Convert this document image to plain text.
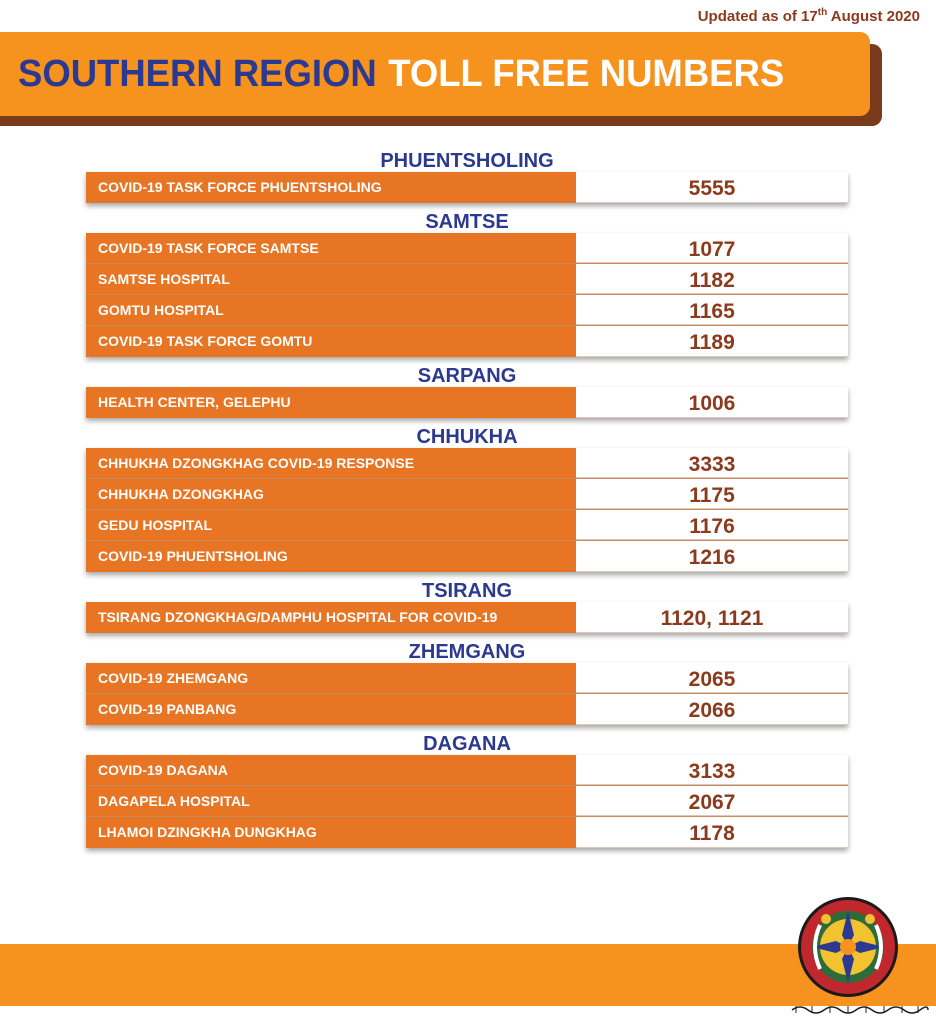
Updated as of 17th August 2020
SOUTHERN REGION TOLL FREE NUMBERS
PHUENTSHOLING
COVID-19 TASK FORCE PHUENTSHOLING	5555
SAMTSE
COVID-19 TASK FORCE SAMTSE	1077
SAMTSE HOSPITAL	1182
GOMTU HOSPITAL	1165
COVID-19 TASK FORCE GOMTU	1189
SARPANG
HEALTH CENTER, GELEPHU	1006
CHHUKHA
CHHUKHA DZONGKHAG COVID-19 RESPONSE	3333
CHHUKHA DZONGKHAG	1175
GEDU HOSPITAL	1176
COVID-19 PHUENTSHOLING	1216
TSIRANG
TSIRANG DZONGKHAG/DAMPHU HOSPITAL FOR COVID-19	1120, 1121
ZHEMGANG
COVID-19 ZHEMGANG	2065
COVID-19 PANBANG	2066
DAGANA
COVID-19 DAGANA	3133
DAGAPELA HOSPITAL	2067
LHAMOI DZINGKHA DUNGKHAG	1178
